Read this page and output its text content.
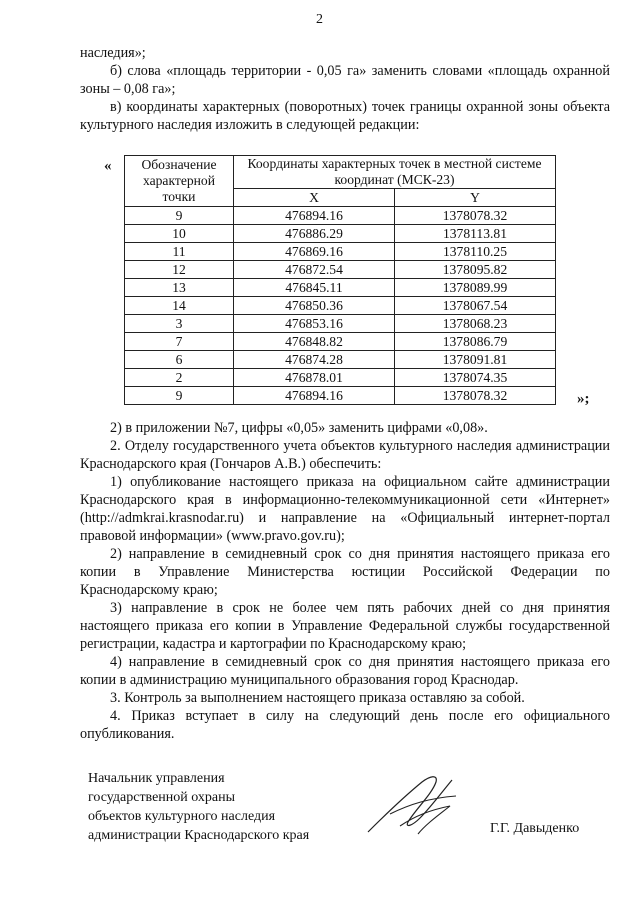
2

наследия»;

б) слова «площадь территории - 0,05 га» заменить словами «площадь охранной зоны – 0,08 га»;

в) координаты характерных (поворотных) точек границы охранной зоны объекта культурного наследия изложить в следующей редакции:

« Обозначение характерной точки	Координаты характерных точек в местной системе координат (МСК-23)	
	X	Y
9	476894.16	1378078.32
10	476886.29	1378113.81
11	476869.16	1378110.25
12	476872.54	1378095.82
13	476845.11	1378089.99
14	476850.36	1378067.54
3	476853.16	1378068.23
7	476848.82	1378086.79
6	476874.28	1378091.81
2	476878.01	1378074.35
9	476894.16	1378078.32	»;

2) в приложении №7, цифры «0,05» заменить цифрами «0,08».

2. Отделу государственного учета объектов культурного наследия администрации Краснодарского края (Гончаров А.В.) обеспечить:

1) опубликование настоящего приказа на официальном сайте администрации Краснодарского края в информационно-телекоммуникационной сети «Интернет» (http://admkrai.krasnodar.ru) и направление на «Официальный интернет-портал правовой информации» (www.pravo.gov.ru);

2) направление в семидневный срок со дня принятия настоящего приказа его копии в Управление Министерства юстиции Российской Федерации по Краснодарскому краю;

3) направление в срок не более чем пять рабочих дней со дня принятия настоящего приказа его копии в Управление Федеральной службы государственной регистрации, кадастра и картографии по Краснодарскому краю;

4) направление в семидневный срок со дня принятия настоящего приказа его копии в администрацию муниципального образования город Краснодар.

3. Контроль за выполнением настоящего приказа оставляю за собой.

4. Приказ вступает в силу на следующий день после его официального опубликования.

Начальник управления
государственной охраны
объектов культурного наследия
администрации Краснодарского края	Г.Г. Давыденко
